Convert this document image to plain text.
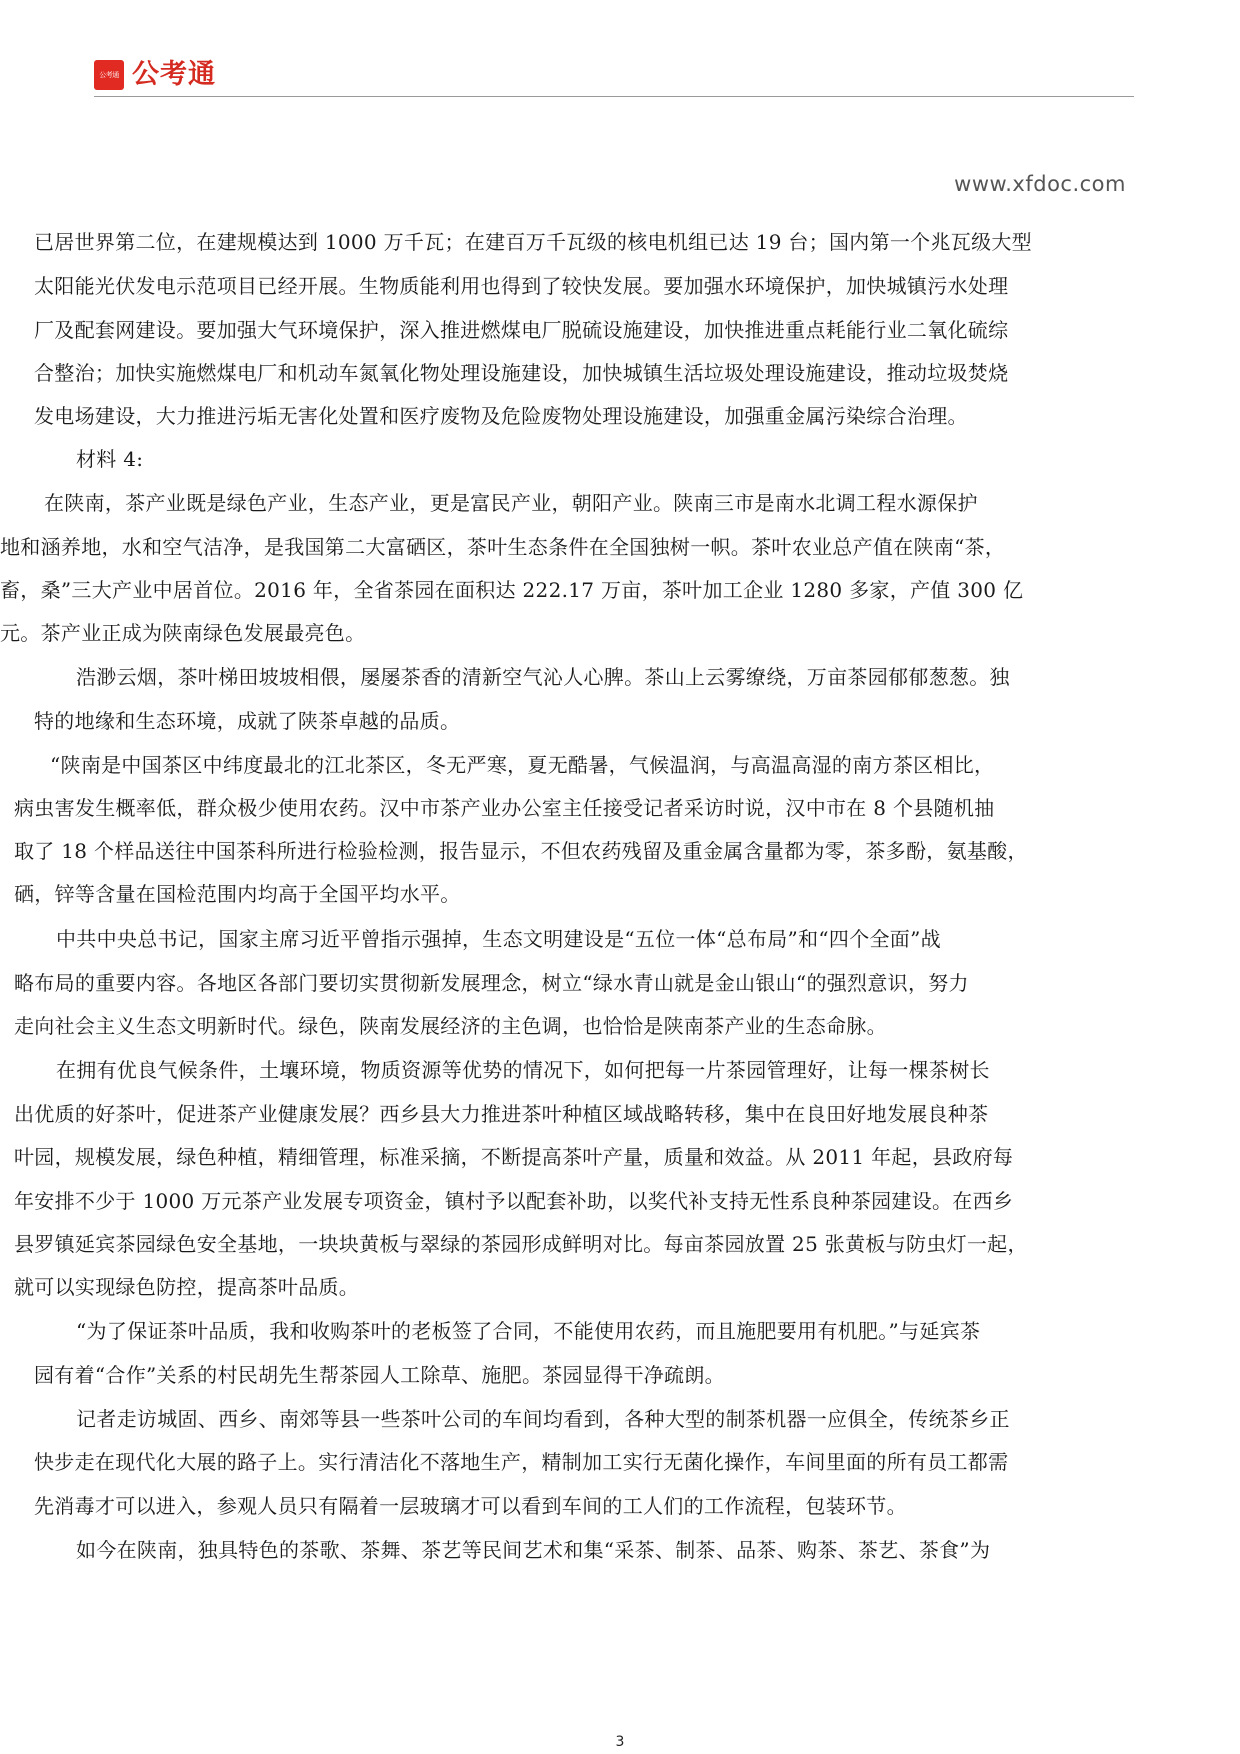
公考通 公考通
www.xfdoc.com
已居世界第二位，在建规模达到 1000 万千瓦；在建百万千瓦级的核电机组已达 19 台；国内第一个兆瓦级大型
太阳能光伏发电示范项目已经开展。生物质能利用也得到了较快发展。要加强水环境保护，加快城镇污水处理
厂及配套网建设。要加强大气环境保护，深入推进燃煤电厂脱硫设施建设，加快推进重点耗能行业二氧化硫综
合整治；加快实施燃煤电厂和机动车氮氧化物处理设施建设，加快城镇生活垃圾处理设施建设，推动垃圾焚烧
发电场建设，大力推进污垢无害化处置和医疗废物及危险废物处理设施建设，加强重金属污染综合治理。
材料 4:
在陕南，茶产业既是绿色产业，生态产业，更是富民产业，朝阳产业。陕南三市是南水北调工程水源保护
地和涵养地，水和空气洁净，是我国第二大富硒区，茶叶生态条件在全国独树一帜。茶叶农业总产值在陕南“茶，
畜，桑”三大产业中居首位。2016 年，全省茶园在面积达 222.17 万亩，茶叶加工企业 1280 多家，产值 300 亿
元。茶产业正成为陕南绿色发展最亮色。
浩渺云烟，茶叶梯田坡坡相偎，屡屡茶香的清新空气沁人心脾。茶山上云雾缭绕，万亩茶园郁郁葱葱。独
特的地缘和生态环境，成就了陕茶卓越的品质。
“陕南是中国茶区中纬度最北的江北茶区，冬无严寒，夏无酷暑，气候温润，与高温高湿的南方茶区相比，
病虫害发生概率低，群众极少使用农药。汉中市茶产业办公室主任接受记者采访时说，汉中市在 8 个县随机抽
取了 18 个样品送往中国茶科所进行检验检测，报告显示，不但农药残留及重金属含量都为零，茶多酚，氨基酸，
硒，锌等含量在国检范围内均高于全国平均水平。
中共中央总书记，国家主席习近平曾指示强掉，生态文明建设是“五位一体“总布局”和“四个全面”战
略布局的重要内容。各地区各部门要切实贯彻新发展理念，树立“绿水青山就是金山银山“的强烈意识，努力
走向社会主义生态文明新时代。绿色，陕南发展经济的主色调，也恰恰是陕南茶产业的生态命脉。
在拥有优良气候条件，土壤环境，物质资源等优势的情况下，如何把每一片茶园管理好，让每一棵茶树长
出优质的好茶叶，促进茶产业健康发展？西乡县大力推进茶叶种植区域战略转移，集中在良田好地发展良种茶
叶园，规模发展，绿色种植，精细管理，标准采摘，不断提高茶叶产量，质量和效益。从 2011 年起，县政府每
年安排不少于 1000 万元茶产业发展专项资金，镇村予以配套补助，以奖代补支持无性系良种茶园建设。在西乡
县罗镇延宾茶园绿色安全基地，一块块黄板与翠绿的茶园形成鲜明对比。每亩茶园放置 25 张黄板与防虫灯一起，
就可以实现绿色防控，提高茶叶品质。
“为了保证茶叶品质，我和收购茶叶的老板签了合同，不能使用农药，而且施肥要用有机肥。”与延宾茶
园有着“合作”关系的村民胡先生帮茶园人工除草、施肥。茶园显得干净疏朗。
记者走访城固、西乡、南郊等县一些茶叶公司的车间均看到，各种大型的制茶机器一应俱全，传统茶乡正
快步走在现代化大展的路子上。实行清洁化不落地生产，精制加工实行无菌化操作，车间里面的所有员工都需
先消毒才可以进入，参观人员只有隔着一层玻璃才可以看到车间的工人们的工作流程，包装环节。
如今在陕南，独具特色的茶歌、茶舞、茶艺等民间艺术和集“采茶、制茶、品茶、购茶、茶艺、茶食”为
3
